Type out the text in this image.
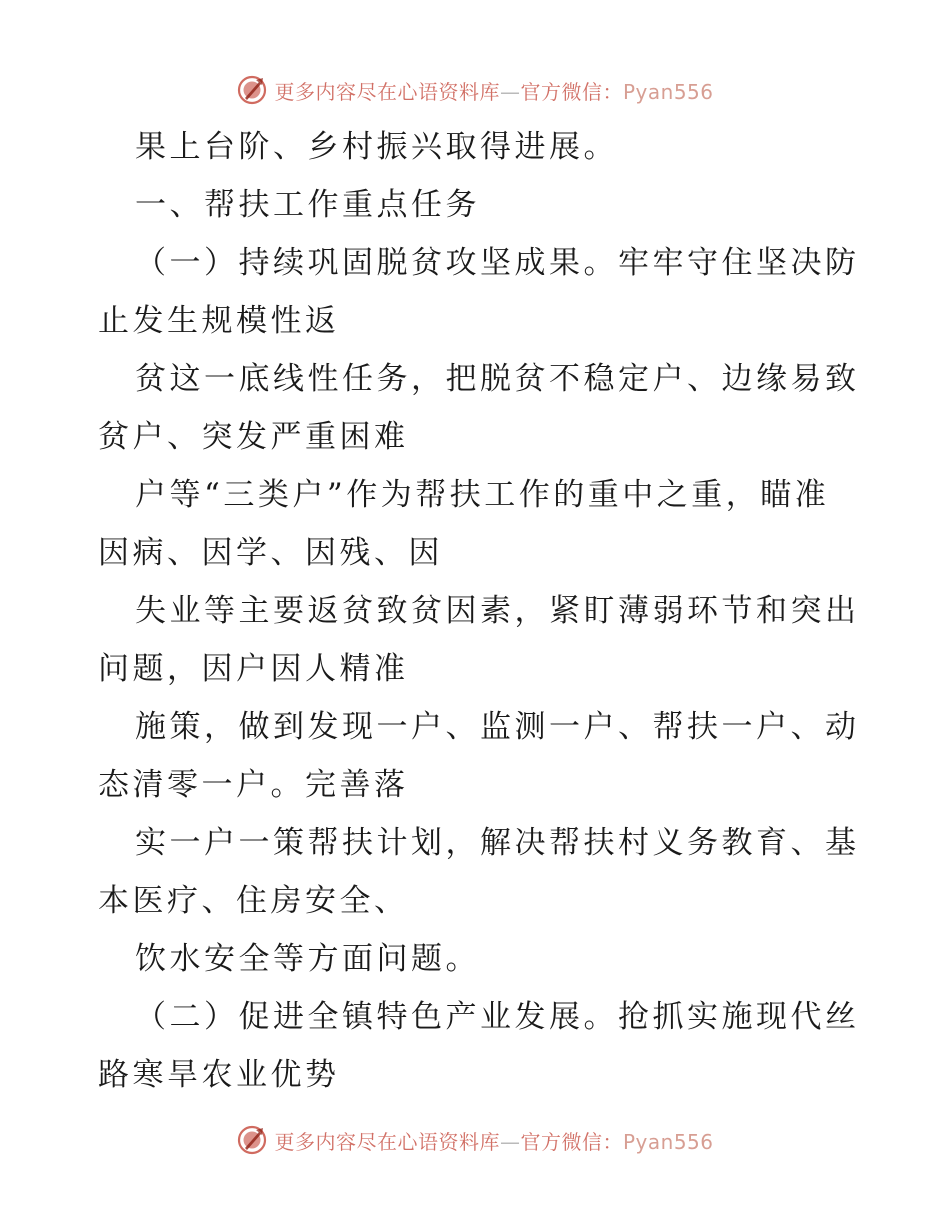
更多内容尽在心语资料库—官方微信：Pyan556
果上台阶、乡村振兴取得进展。
一、帮扶工作重点任务
（一）持续巩固脱贫攻坚成果。牢牢守住坚决防
止发生规模性返
贫这一底线性任务，把脱贫不稳定户、边缘易致
贫户、突发严重困难
户等“三类户”作为帮扶工作的重中之重，瞄准
因病、因学、因残、因
失业等主要返贫致贫因素，紧盯薄弱环节和突出
问题，因户因人精准
施策，做到发现一户、监测一户、帮扶一户、动
态清零一户。完善落
实一户一策帮扶计划，解决帮扶村义务教育、基
本医疗、住房安全、
饮水安全等方面问题。
（二）促进全镇特色产业发展。抢抓实施现代丝
路寒旱农业优势
更多内容尽在心语资料库—官方微信：Pyan556
